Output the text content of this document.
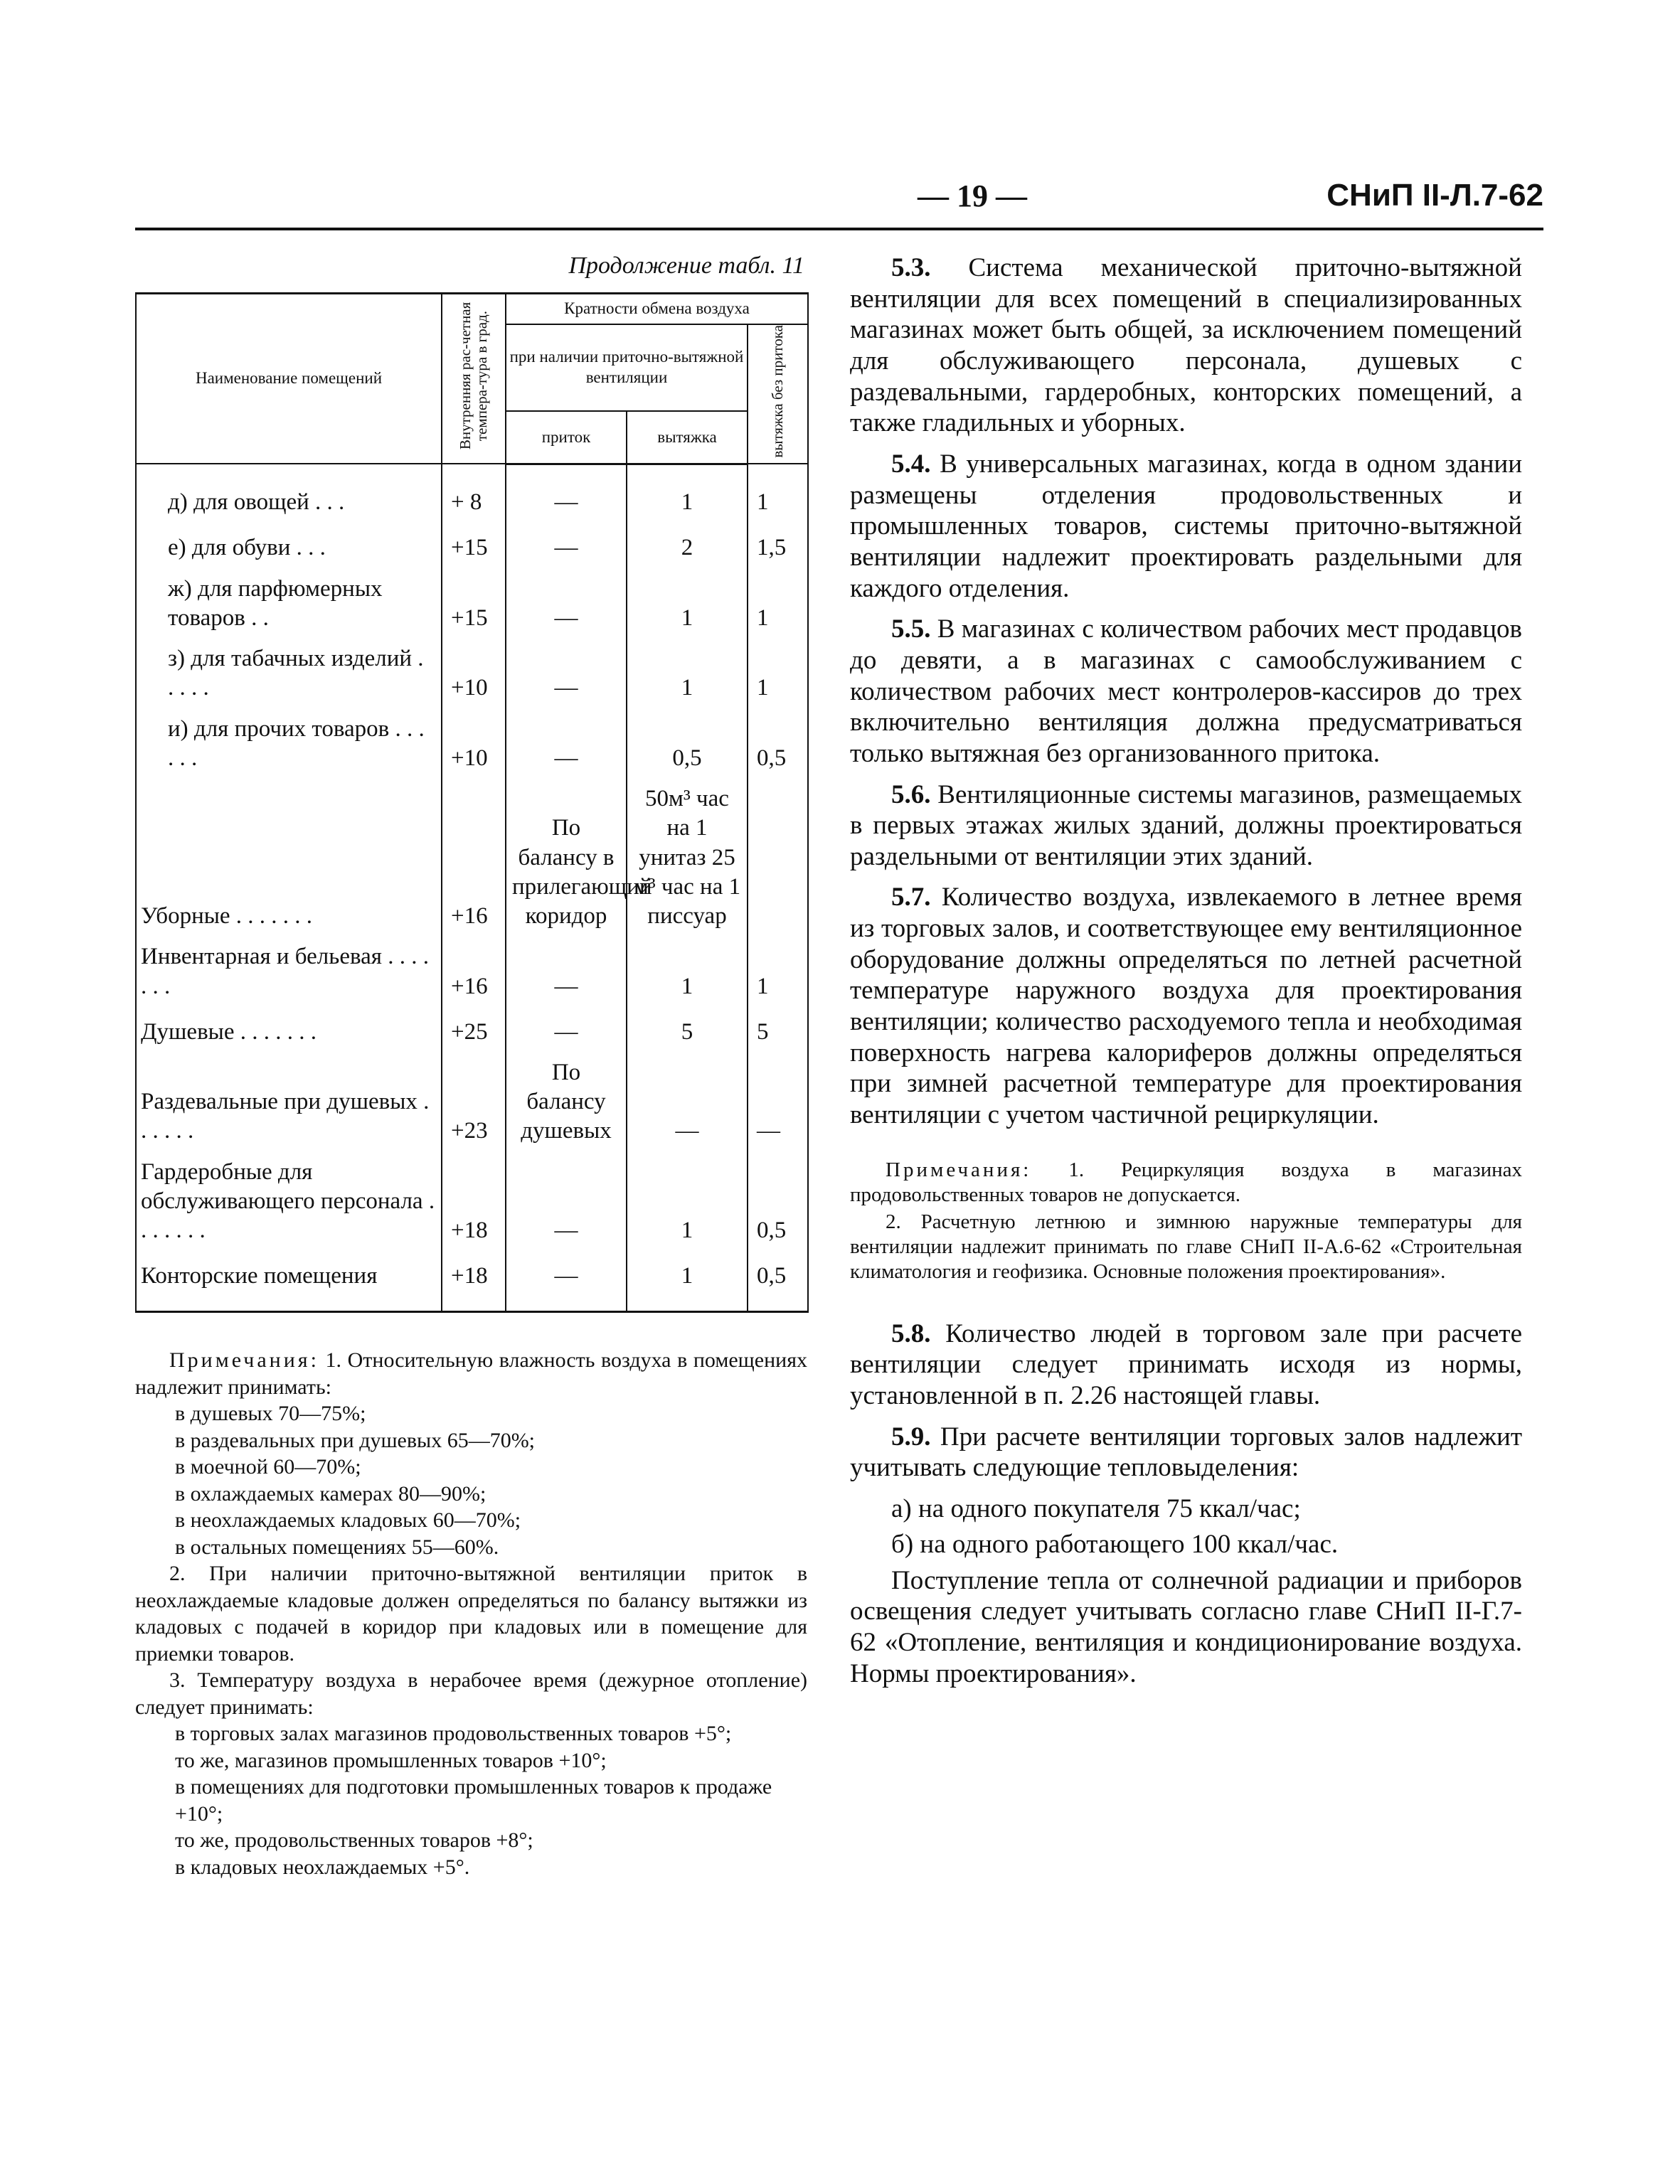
— 19 —	СНиП II-Л.7-62

Продолжение табл. 11

Наименование помещений	Внутренняя рас-четная темпера-тура в град.	Кратности обмена воздуха		
		при наличии приточно-вытяжной вентиляции		вытяжка без притока
		приток	вытяжка	
д) для овощей . . .	+ 8	—	1	1
е) для обуви . . .	+15	—	2	1,5
ж) для парфюмерных товаров . .	+15	—	1	1
з) для табачных изделий . . . . .	+10	—	1	1
и) для прочих товаров . . . . . .	+10	—	0,5	0,5
Уборные . . . . . . .	+16	По балансу в прилегающий коридор	50м³ час на 1 унитаз 25 м³ час на 1 писсуар	
Инвентарная и бельевая . . . . . . .	+16	—	1	1
Душевые . . . . . . .	+25	—	5	5
Раздевальные при душевых . . . . . .	+23	По балансу душевых	—	—
Гардеробные для обслуживающего персонала . . . . . . .	+18	—	1	0,5
Конторские помещения	+18	—	1	0,5

Примечания: 1. Относительную влажность воздуха в помещениях надлежит принимать:

в душевых 70—75%;
в раздевальных при душевых 65—70%;
в моечной 60—70%;
в охлаждаемых камерах 80—90%;
в неохлаждаемых кладовых 60—70%;
в остальных помещениях 55—60%.

2. При наличии приточно-вытяжной вентиляции приток в неохлаждаемые кладовые должен определяться по балансу вытяжки из кладовых с подачей в коридор при кладовых или в помещение для приемки товаров.

3. Температуру воздуха в нерабочее время (дежурное отопление) следует принимать:

в торговых залах магазинов продовольственных товаров +5°;
то же, магазинов промышленных товаров +10°;
в помещениях для подготовки промышленных товаров к продаже +10°;
то же, продовольственных товаров +8°;
в кладовых неохлаждаемых +5°.

5.3. Система механической приточно-вытяжной вентиляции для всех помещений в специализированных магазинах может быть общей, за исключением помещений для обслуживающего персонала, душевых с раздевальными, гардеробных, конторских помещений, а также гладильных и уборных.

5.4. В универсальных магазинах, когда в одном здании размещены отделения продовольственных и промышленных товаров, системы приточно-вытяжной вентиляции надлежит проектировать раздельными для каждого отделения.

5.5. В магазинах с количеством рабочих мест продавцов до девяти, а в магазинах с самообслуживанием с количеством рабочих мест контролеров-кассиров до трех включительно вентиляция должна предусматриваться только вытяжная без организованного притока.

5.6. Вентиляционные системы магазинов, размещаемых в первых этажах жилых зданий, должны проектироваться раздельными от вентиляции этих зданий.

5.7. Количество воздуха, извлекаемого в летнее время из торговых залов, и соответствующее ему вентиляционное оборудование должны определяться по летней расчетной температуре наружного воздуха для проектирования вентиляции; количество расходуемого тепла и необходимая поверхность нагрева калориферов должны определяться при зимней расчетной температуре для проектирования вентиляции с учетом частичной рециркуляции.

Примечания: 1. Рециркуляция воздуха в магазинах продовольственных товаров не допускается.

2. Расчетную летнюю и зимнюю наружные температуры для вентиляции надлежит принимать по главе СНиП II-А.6-62 «Строительная климатология и геофизика. Основные положения проектирования».

5.8. Количество людей в торговом зале при расчете вентиляции следует принимать исходя из нормы, установленной в п. 2.26 настоящей главы.

5.9. При расчете вентиляции торговых залов надлежит учитывать следующие тепловыделения:

а) на одного покупателя 75 ккал/час;

б) на одного работающего 100 ккал/час.

Поступление тепла от солнечной радиации и приборов освещения следует учитывать согласно главе СНиП II-Г.7-62 «Отопление, вентиляция и кондиционирование воздуха. Нормы проектирования».
